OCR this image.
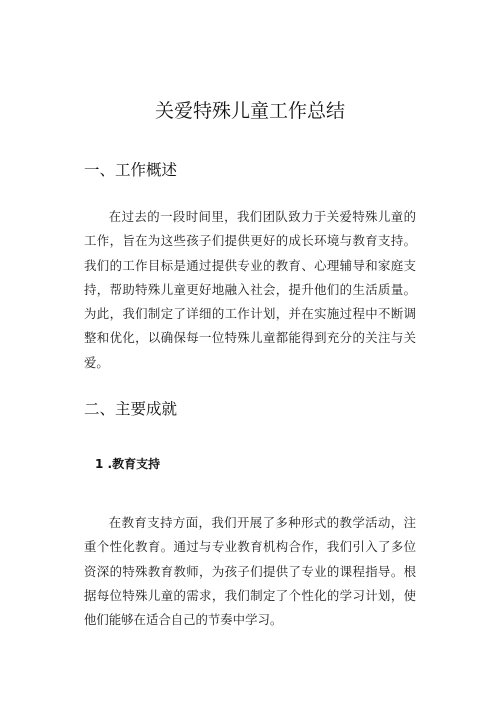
关爱特殊儿童工作总结
一、工作概述

在过去的一段时间里，我们团队致力于关爱特殊儿童的工作，旨在为这些孩子们提供更好的成长环境与教育支持。我们的工作目标是通过提供专业的教育、心理辅导和家庭支持，帮助特殊儿童更好地融入社会，提升他们的生活质量。为此，我们制定了详细的工作计划，并在实施过程中不断调整和优化，以确保每一位特殊儿童都能得到充分的关注与关爱。

二、主要成就
1 .教育支持

在教育支持方面，我们开展了多种形式的教学活动，注重个性化教育。通过与专业教育机构合作，我们引入了多位资深的特殊教育教师，为孩子们提供了专业的课程指导。根据每位特殊儿童的需求，我们制定了个性化的学习计划，使他们能够在适合自己的节奏中学习。
